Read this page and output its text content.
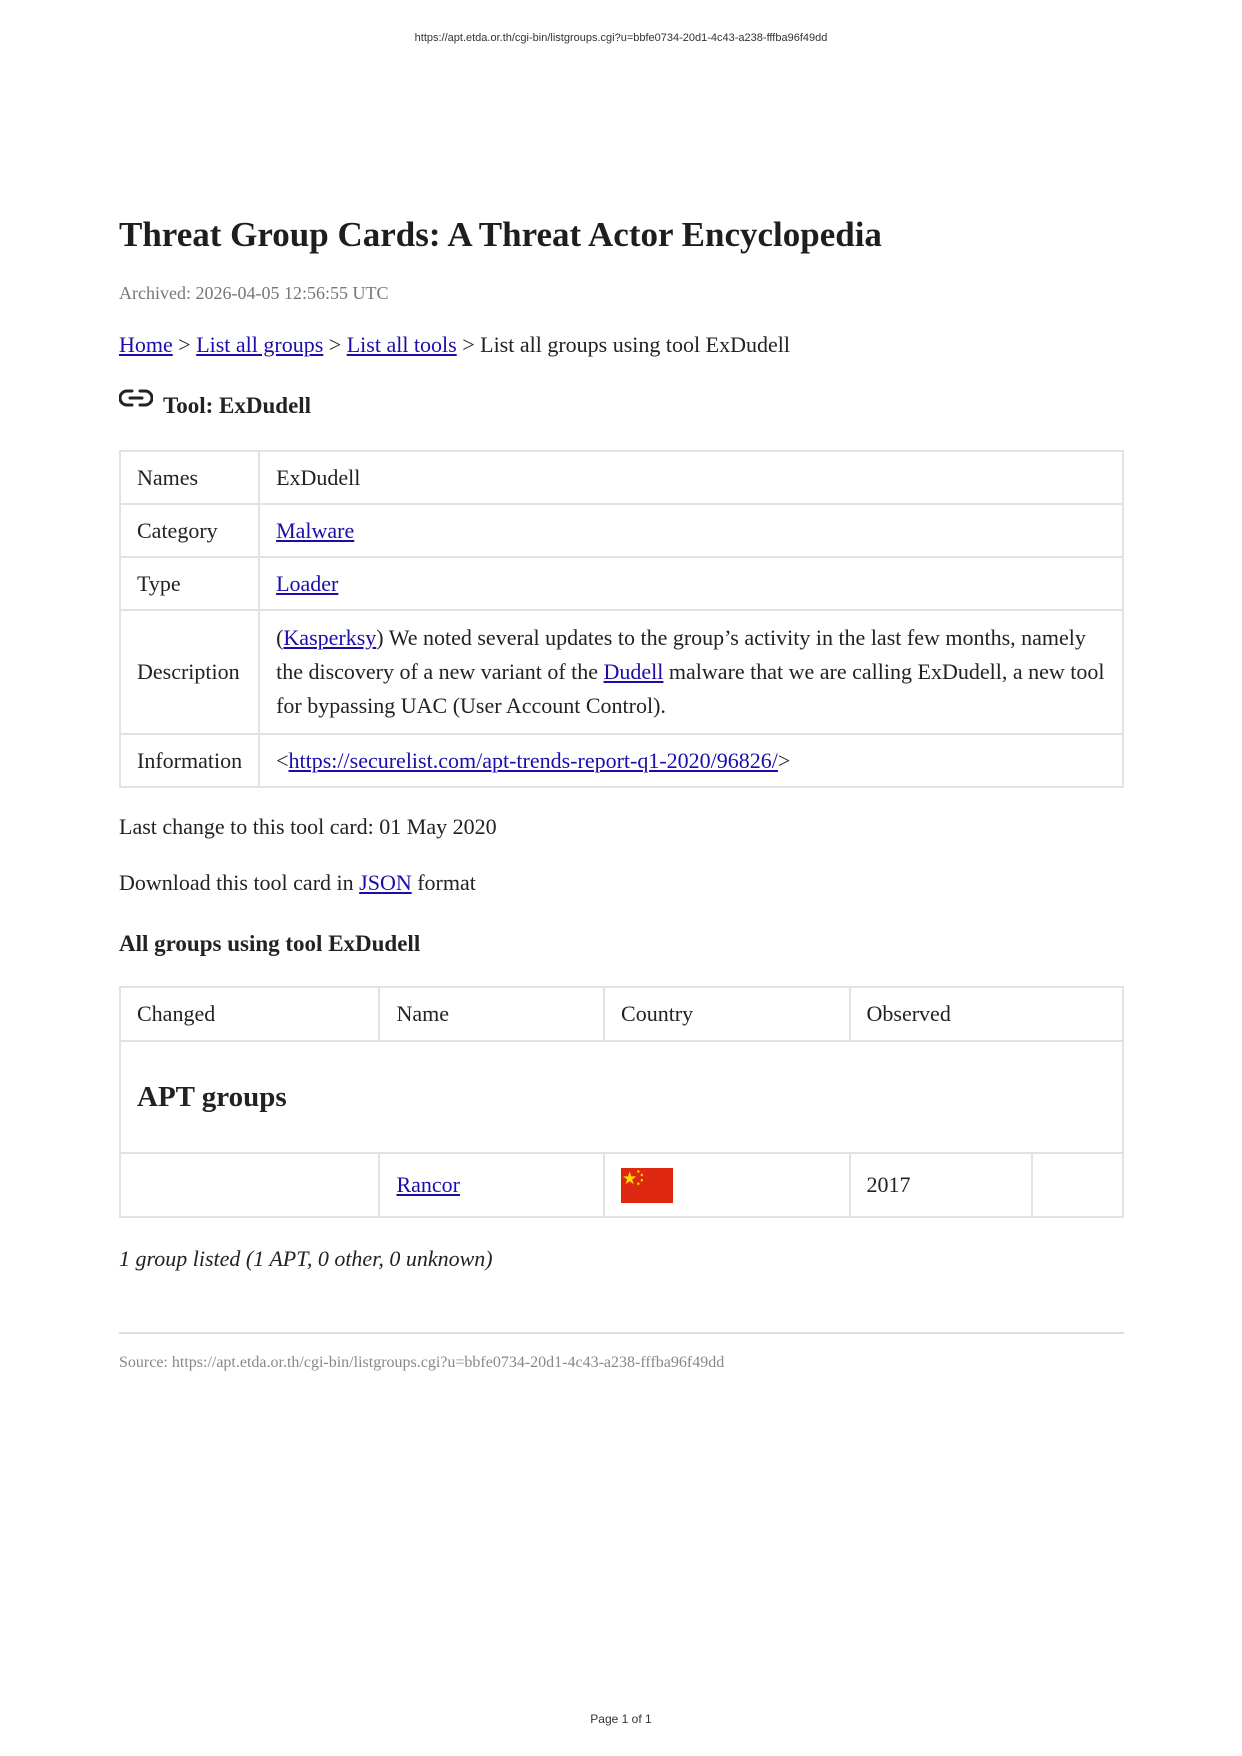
https://apt.etda.or.th/cgi-bin/listgroups.cgi?u=bbfe0734-20d1-4c43-a238-fffba96f49dd
Threat Group Cards: A Threat Actor Encyclopedia
Archived: 2026-04-05 12:56:55 UTC
Home > List all groups > List all tools > List all groups using tool ExDudell
Tool: ExDudell
Names	ExDudell
Category	Malware
Type	Loader
Description	(Kasperksy) We noted several updates to the group’s activity in the last few months, namely the discovery of a new variant of the Dudell malware that we are calling ExDudell, a new tool for bypassing UAC (User Account Control).
Information	<https://securelist.com/apt-trends-report-q1-2020/96826/>
Last change to this tool card: 01 May 2020
Download this tool card in JSON format
All groups using tool ExDudell
Changed	Name	Country	Observed	
APT groups				
	Rancor		2017	
1 group listed (1 APT, 0 other, 0 unknown)
Source: https://apt.etda.or.th/cgi-bin/listgroups.cgi?u=bbfe0734-20d1-4c43-a238-fffba96f49dd
Page 1 of 1
